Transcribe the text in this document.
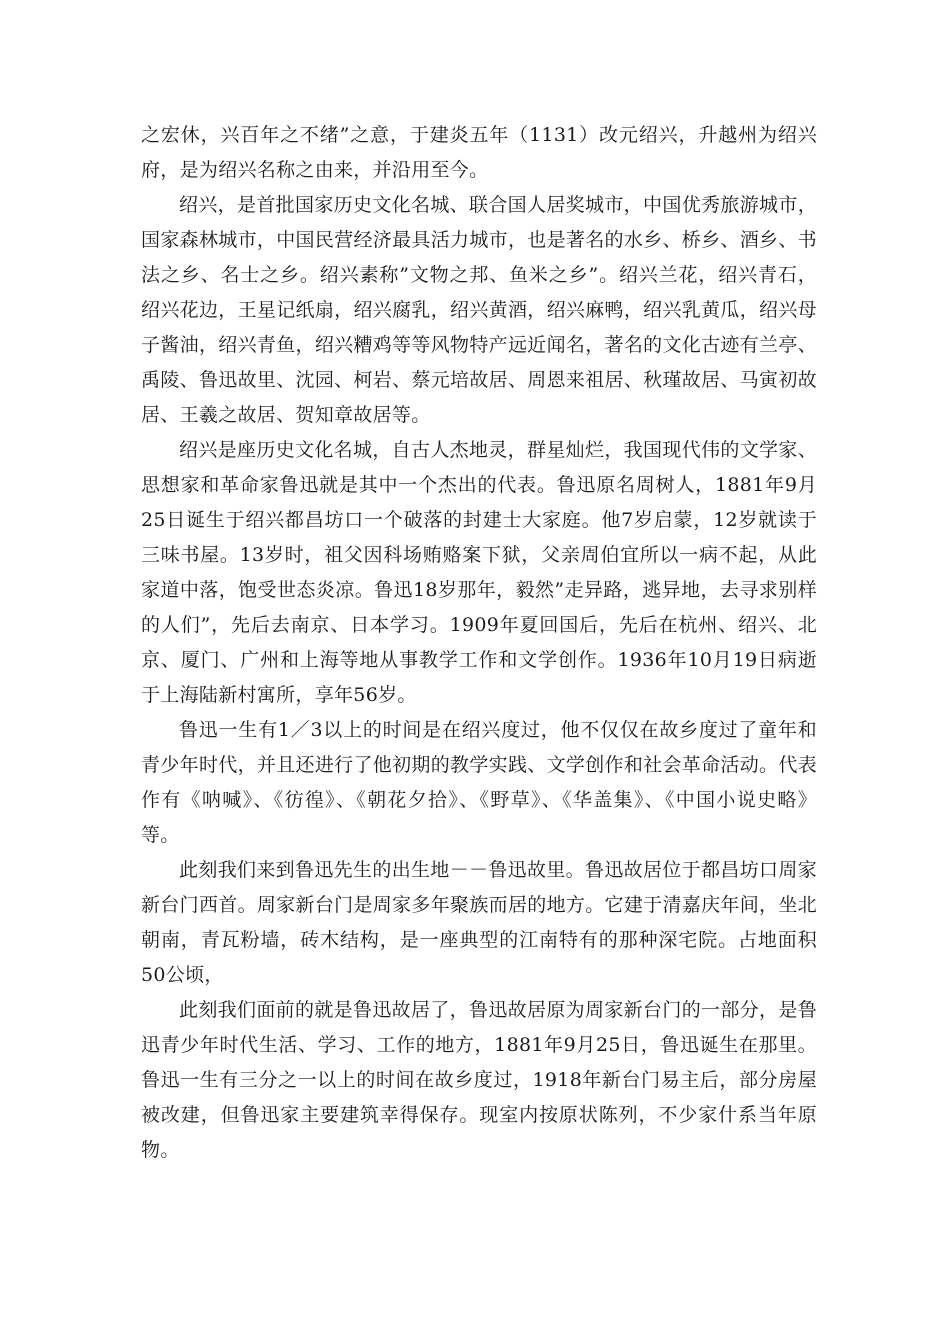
之宏休，兴百年之不绪”之意，于建炎五年（1131）改元绍兴，升越州为绍兴府，是为绍兴名称之由来，并沿用至今。

绍兴，是首批国家历史文化名城、联合国人居奖城市，中国优秀旅游城市，国家森林城市，中国民营经济最具活力城市，也是著名的水乡、桥乡、酒乡、书法之乡、名士之乡。绍兴素称”文物之邦、鱼米之乡”。绍兴兰花，绍兴青石，绍兴花边，王星记纸扇，绍兴腐乳，绍兴黄酒，绍兴麻鸭，绍兴乳黄瓜，绍兴母子酱油，绍兴青鱼，绍兴糟鸡等等风物特产远近闻名，著名的文化古迹有兰亭、禹陵、鲁迅故里、沈园、柯岩、蔡元培故居、周恩来祖居、秋瑾故居、马寅初故居、王羲之故居、贺知章故居等。

绍兴是座历史文化名城，自古人杰地灵，群星灿烂，我国现代伟的文学家、思想家和革命家鲁迅就是其中一个杰出的代表。鲁迅原名周树人，1881年9月25日诞生于绍兴都昌坊口一个破落的封建士大家庭。他7岁启蒙，12岁就读于三味书屋。13岁时，祖父因科场贿赂案下狱，父亲周伯宜所以一病不起，从此家道中落，饱受世态炎凉。鲁迅18岁那年，毅然”走异路，逃异地，去寻求别样的人们”，先后去南京、日本学习。1909年夏回国后，先后在杭州、绍兴、北京、厦门、广州和上海等地从事教学工作和文学创作。1936年10月19日病逝于上海陆新村寓所，享年56岁。

鲁迅一生有1／3以上的时间是在绍兴度过，他不仅仅在故乡度过了童年和青少年时代，并且还进行了他初期的教学实践、文学创作和社会革命活动。代表作有《呐喊》、《彷徨》、《朝花夕拾》、《野草》、《华盖集》、《中国小说史略》等。

此刻我们来到鲁迅先生的出生地－－鲁迅故里。鲁迅故居位于都昌坊口周家新台门西首。周家新台门是周家多年聚族而居的地方。它建于清嘉庆年间，坐北朝南，青瓦粉墙，砖木结构，是一座典型的江南特有的那种深宅院。占地面积50公顷，

此刻我们面前的就是鲁迅故居了，鲁迅故居原为周家新台门的一部分，是鲁迅青少年时代生活、学习、工作的地方，1881年9月25日，鲁迅诞生在那里。鲁迅一生有三分之一以上的时间在故乡度过，1918年新台门易主后，部分房屋被改建，但鲁迅家主要建筑幸得保存。现室内按原状陈列，不少家什系当年原物。
